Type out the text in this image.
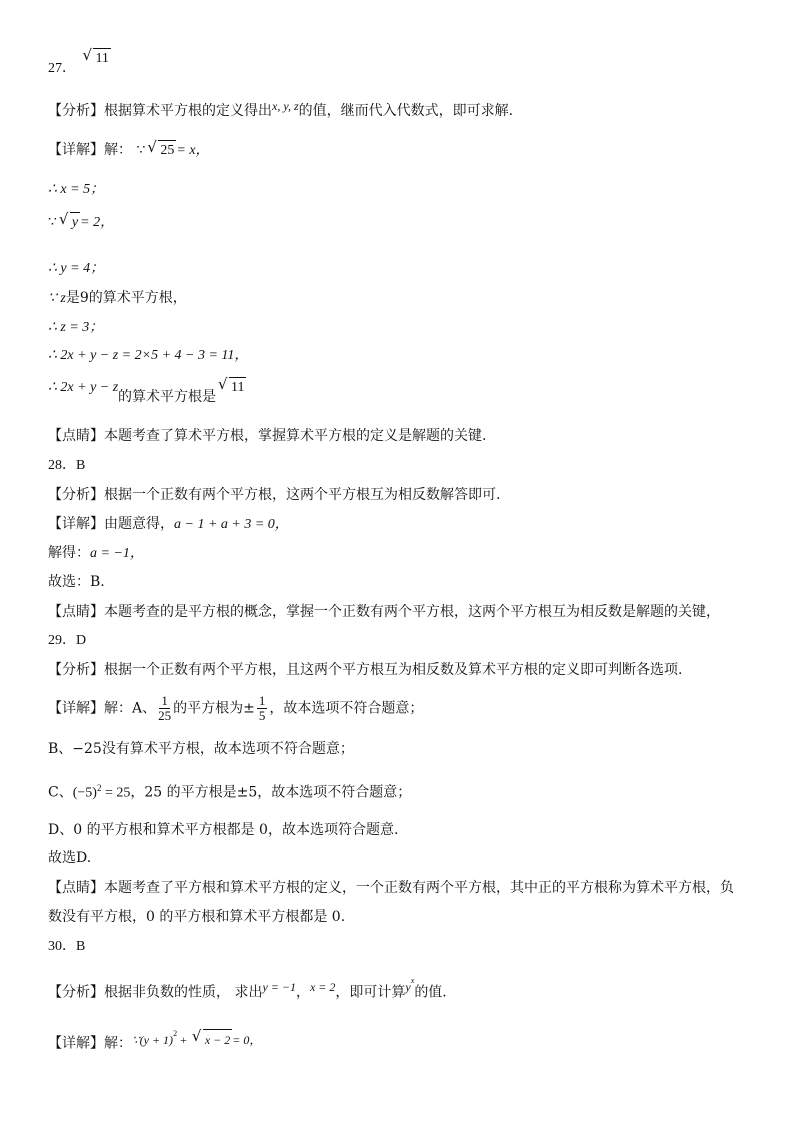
27． √ 11
【分析】根据算术平方根的定义得出x, y, z的值，继而代入代数式，即可求解.
【详解】解： ∵ √ 25 = x，
∴ x = 5；
∵ √ y = 2，
∴ y = 4；
∵ z是9的算术平方根，
∴ z = 3；
∴ 2x + y − z = 2×5 + 4 − 3 = 11，
∴ 2x + y − z
的算术平方根是√ 11
【点睛】本题考查了算术平方根，掌握算术平方根的定义是解题的关键.
28．B
【分析】根据一个正数有两个平方根，这两个平方根互为相反数解答即可.
【详解】由题意得，a − 1 + a + 3 = 0，
解得：a = −1，
故选：B.
【点睛】本题考查的是平方根的概念，掌握一个正数有两个平方根，这两个平方根互为相反数是解题的关键，
29．D
【分析】根据一个正数有两个平方根，且这两个平方根互为相反数及算术平方根的定义即可判断各选项.
【详解】解：A、 $\frac{1}{25}$ 的平方根为± $\frac{1}{5}$ ，故本选项不符合题意；
B、−25没有算术平方根，故本选项不符合题意；
C、$(-5)^2 = 25$，25 的平方根是±5，故本选项不符合题意；
D、0 的平方根和算术平方根都是 0，故本选项符合题意.
故选D.
【点睛】本题考查了平方根和算术平方根的定义，一个正数有两个平方根，其中正的平方根称为算术平方根，负
数没有平方根，0 的平方根和算术平方根都是 0.
30．B
【分析】根据非负数的性质， 求出y = −1，x = 2，即可计算$y^x$的值.
【详解】解：∵(y + 1)$^2$ + √ x − 2 = 0，
